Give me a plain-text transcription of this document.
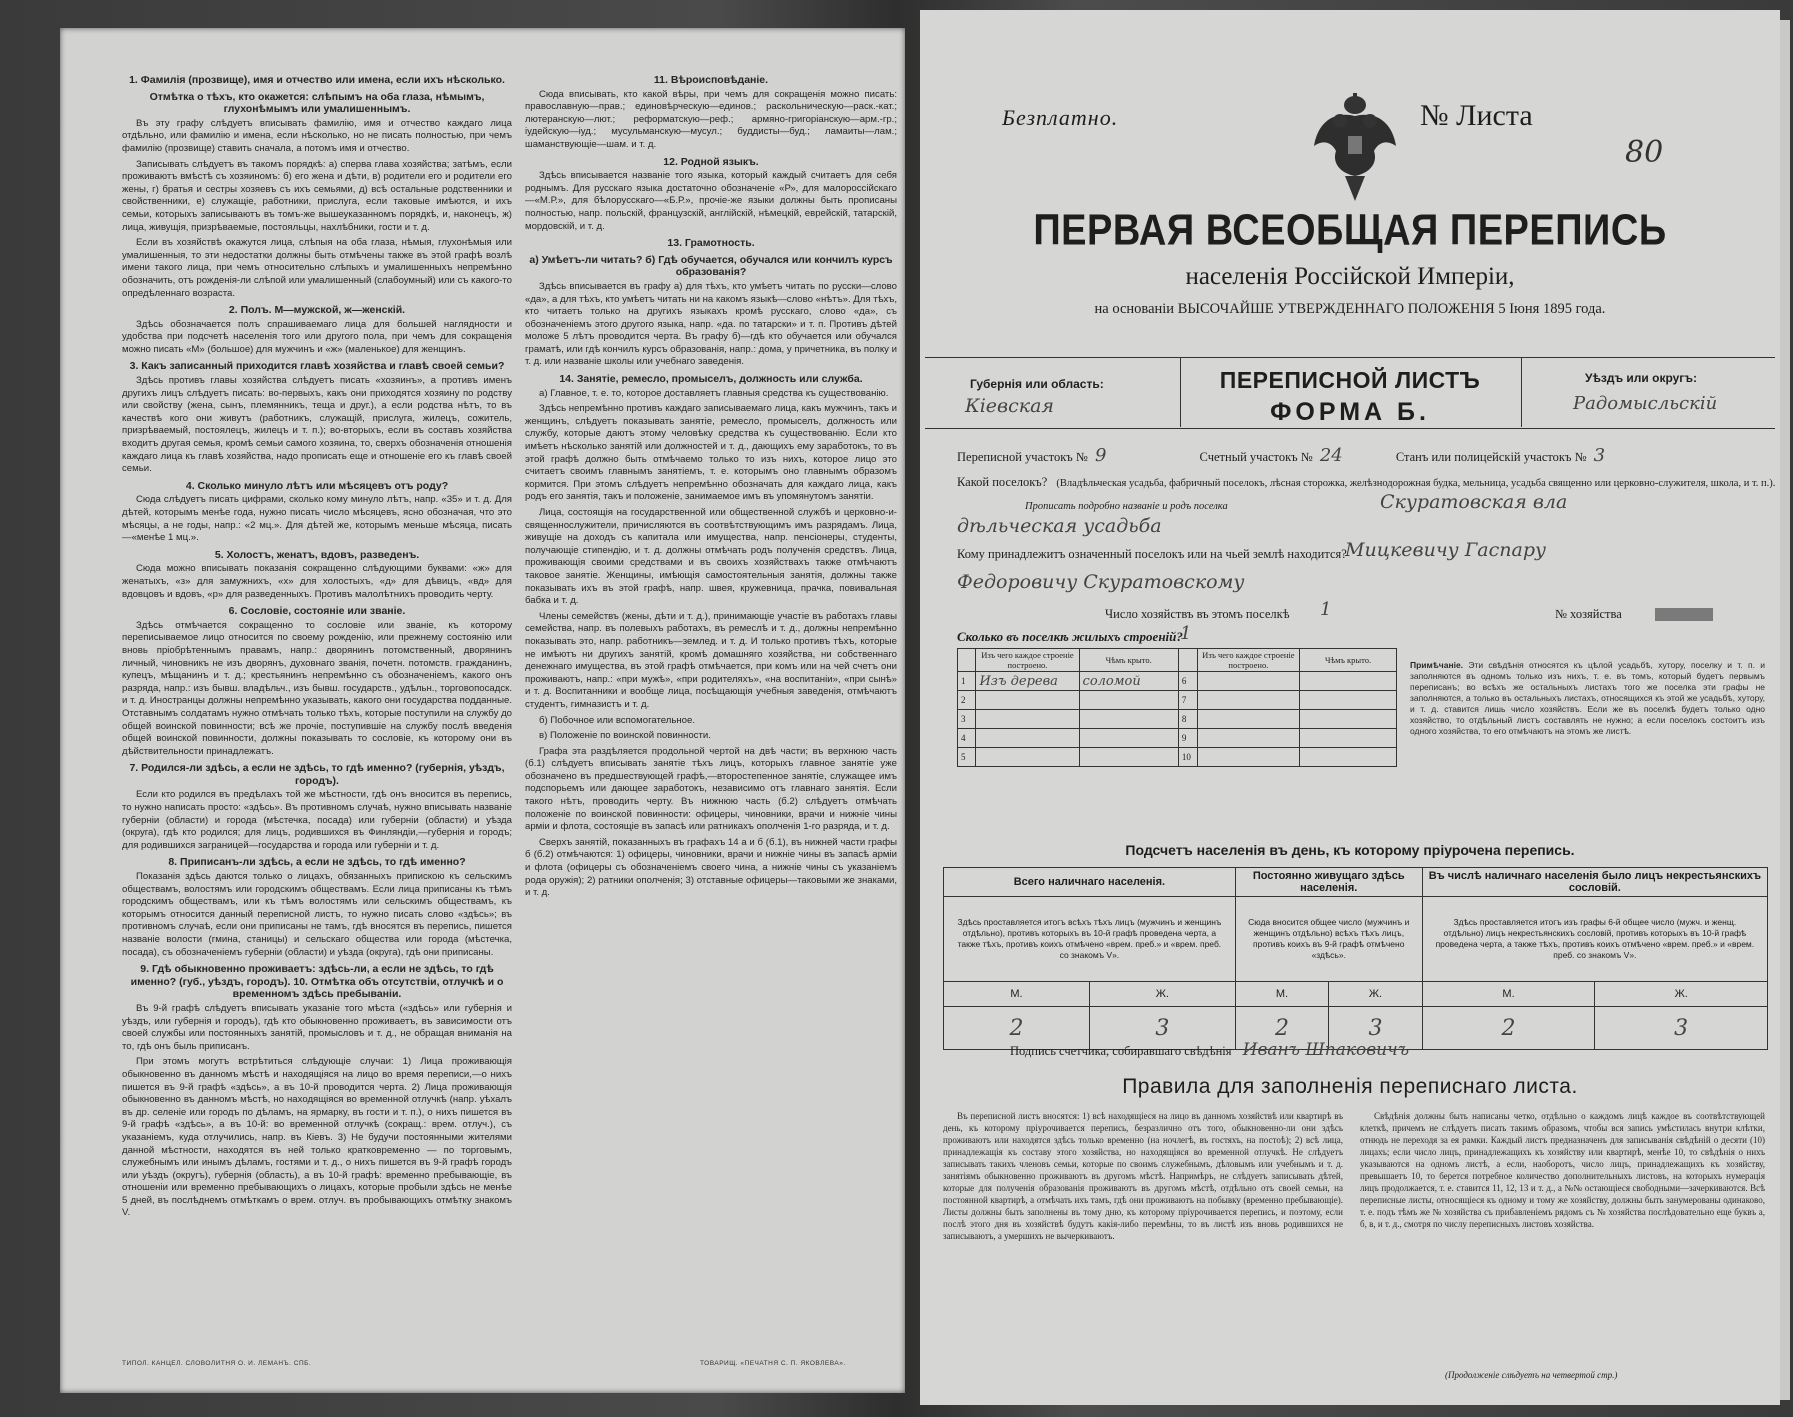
1. Фамилія (прозвище), имя и отчество или имена, если ихъ нѣсколько.
Отмѣтка о тѣхъ, кто окажется: слѣпымъ на оба глаза, нѣмымъ, глухонѣмымъ или умалишеннымъ.

Въ эту графу слѣдуетъ вписывать фамилію, имя и отчество каждаго лица отдѣльно, или фамилію и имена, если нѣсколько, но не писать полностью, при чемъ фамилію (прозвище) ставить сначала, а потомъ имя и отчество.

Записывать слѣдуетъ въ такомъ порядкѣ: а) сперва глава хозяйства; затѣмъ, если проживаютъ вмѣстѣ съ хозяиномъ: б) его жена и дѣти, в) родители его и родители его жены, г) братья и сестры хозяевъ съ ихъ семьями, д) всѣ остальные родственники и свойственники, е) служащіе, работники, прислуга, если таковые имѣются, и ихъ семьи, которыхъ записываютъ въ томъ-же вышеуказанномъ порядкѣ, и, наконецъ, ж) лица, живущія, призрѣваемые, постояльцы, нахлѣбники, гости и т. д.

Если въ хозяйствѣ окажутся лица, слѣпыя на оба глаза, нѣмыя, глухонѣмыя или умалишенныя, то эти недостатки должны быть отмѣчены также въ этой графѣ возлѣ имени такого лица, при чемъ относительно слѣпыхъ и умалишенныхъ непремѣнно обозначить, отъ рожденія-ли слѣпой или умалишенный (слабоумный) или съ какого-то опредѣленнаго возраста.

2. Полъ. М—мужской, ж—женскій.

Здѣсь обозначается полъ спрашиваемаго лица для большей наглядности и удобства при подсчетѣ населенія того или другого пола, при чемъ для сокращенія можно писать «М» (большое) для мужчинъ и «ж» (маленькое) для женщинъ.

3. Какъ записанный приходится главѣ хозяйства и главѣ своей семьи?

Здѣсь противъ главы хозяйства слѣдуетъ писать «хозяинъ», а противъ именъ другихъ лицъ слѣдуетъ писать: во-первыхъ, какъ они приходятся хозяину по родству или свойству (жена, сынъ, племянникъ, теща и друг.), а если родства нѣтъ, то въ качествѣ кого они живутъ (работникъ, служащій, прислуга, жилецъ, сожитель, призрѣваемый, постоялецъ, жилецъ и т. п.); во-вторыхъ, если въ составъ хозяйства входитъ другая семья, кромѣ семьи самого хозяина, то, сверхъ обозначенія отношенія каждаго лица къ главѣ хозяйства, надо прописать еще и отношеніе его къ главѣ своей семьи.

4. Сколько минуло лѣтъ или мѣсяцевъ отъ роду?

Сюда слѣдуетъ писать цифрами, сколько кому минуло лѣтъ, напр. «35» и т. д. Для дѣтей, которымъ менѣе года, нужно писать число мѣсяцевъ, ясно обозначая, что это мѣсяцы, а не годы, напр.: «2 мц.». Для дѣтей же, которымъ меньше мѣсяца, писать—«менѣе 1 мц.».

5. Холостъ, женатъ, вдовъ, разведенъ.

Сюда можно вписывать показанія сокращенно слѣдующими буквами: «ж» для женатыхъ, «з» для замужнихъ, «х» для холостыхъ, «д» для дѣвицъ, «вд» для вдовцовъ и вдовъ, «р» для разведенныхъ. Противъ малолѣтнихъ проводить черту.

6. Сословіе, состояніе или званіе.

Здѣсь отмѣчается сокращенно то сословіе или званіе, къ которому переписываемое лицо относится по своему рожденію, или прежнему состоянію или вновь пріобрѣтеннымъ правамъ, напр.: дворянинъ потомственный, дворянинъ личный, чиновникъ не изъ дворянъ, духовнаго званія, почетн. потомств. гражданинъ, купецъ, мѣщанинъ и т. д.; крестьянинъ непремѣнно съ обозначеніемъ, какого онъ разряда, напр.: изъ бывш. владѣльч., изъ бывш. государств., удѣльн., торговопосадск. и т. д. Иностранцы должны непремѣнно указывать, какого они государства подданные. Отставнымъ солдатамъ нужно отмѣчать только тѣхъ, которые поступили на службу до общей воинской повинности; всѣ же прочіе, поступившіе на службу послѣ введенія общей воинской повинности, должны показывать то сословіе, къ которому они въ дѣйствительности принадлежатъ.

7. Родился-ли здѣсь, а если не здѣсь, то гдѣ именно? (губернія, уѣздъ, городъ).

Если кто родился въ предѣлахъ той же мѣстности, гдѣ онъ вносится въ перепись, то нужно написать просто: «здѣсь». Въ противномъ случаѣ, нужно вписывать названіе губерніи (области) и города (мѣстечка, посада) или губерніи (области) и уѣзда (округа), гдѣ кто родился; для лицъ, родившихся въ Финляндіи,—губернія и городъ; для родившихся заграницей—государства и города или губерніи и т. д.

8. Приписанъ-ли здѣсь, а если не здѣсь, то гдѣ именно?

Показанія здѣсь даются только о лицахъ, обязанныхъ припискою къ сельскимъ обществамъ, волостямъ или городскимъ обществамъ. Если лица приписаны къ тѣмъ городскимъ обществамъ, или къ тѣмъ волостямъ или сельскимъ обществамъ, къ которымъ относится данный переписной листъ, то нужно писать слово «здѣсь»; въ противномъ случаѣ, если они приписаны не тамъ, гдѣ вносятся въ перепись, пишется названіе волости (гмина, станицы) и сельскаго общества или города (мѣстечка, посада), съ обозначеніемъ губерніи (области) и уѣзда (округа), гдѣ они приписаны.

9. Гдѣ обыкновенно проживаетъ: здѣсь-ли, а если не здѣсь, то гдѣ именно? (губ., уѣздъ, городъ). 10. Отмѣтка объ отсутствіи, отлучкѣ и о временномъ здѣсь пребываніи.

Въ 9-й графѣ слѣдуетъ вписывать указаніе того мѣста («здѣсь» или губернія и уѣздъ, или губернія и городъ), гдѣ кто обыкновенно проживаетъ, въ зависимости отъ своей службы или постоянныхъ занятій, промысловъ и т. д., не обращая вниманія на то, гдѣ онъ быль приписанъ.

При этомъ могутъ встрѣтиться слѣдующіе случаи: 1) Лица проживающія обыкновенно въ данномъ мѣстѣ и находящіяся на лицо во время переписи,—о нихъ пишется въ 9-й графѣ «здѣсь», а въ 10-й проводится черта. 2) Лица проживающія обыкновенно въ данномъ мѣстѣ, но находящіяся во временной отлучкѣ (напр. уѣхалъ въ др. селеніе или городъ по дѣламъ, на ярмарку, въ гости и т. п.), о нихъ пишется въ 9-й графѣ «здѣсь», а въ 10-й: во временной отлучкѣ (сокращ.: врем. отлуч.), съ указаніемъ, куда отлучились, напр. въ Кіевъ. 3) Не будучи постоянными жителями данной мѣстности, находятся въ ней только кратковременно — по торговымъ, служебнымъ или инымъ дѣламъ, гостями и т. д., о нихъ пишется въ 9-й графѣ городъ или уѣздъ (округъ), губернія (область), а въ 10-й графѣ: временно пребывающіе, въ отношеніи или временно пребывающихъ о лицахъ, которые пробыли здѣсь не менѣе 5 дней, въ послѣднемъ отмѣткамъ о врем. отлуч. въ пробывающихъ отмѣтку знакомъ V.

11. Вѣроисповѣданіе.

Сюда вписывать, кто какой вѣры, при чемъ для сокращенія можно писать: православную—прав.; единовѣрческую—единов.; раскольническую—раск.-кат.; лютеранскую—лют.; реформатскую—реф.; армяно-григоріанскую—арм.-гр.; іудейскую—іуд.; мусульманскую—мусул.; буддисты—буд.; ламаиты—лам.; шаманствующіе—шам. и т. д.

12. Родной языкъ.

Здѣсь вписывается названіе того языка, который каждый считаетъ для себя роднымъ. Для русскаго языка достаточно обозначеніе «Р», для малороссійскаго—«М.Р.», для бѣлорусскаго—«Б.Р.», прочіе-же языки должны быть прописаны полностью, напр. польскій, французскій, англійскій, нѣмецкій, еврейскій, татарскій, мордовскій, и т. д.

13. Грамотность.
а) Умѣетъ-ли читать? б) Гдѣ обучается, обучался или кончилъ курсъ образованія?

Здѣсь вписывается въ графу а) для тѣхъ, кто умѣетъ читать по русски—слово «да», а для тѣхъ, кто умѣетъ читать ни на какомъ языкѣ—слово «нѣтъ». Для тѣхъ, кто читаетъ только на другихъ языкахъ кромѣ русскаго, слово «да», съ обозначеніемъ этого другого языка, напр. «да. по татарски» и т. п. Противъ дѣтей моложе 5 лѣтъ проводится черта. Въ графу б)—гдѣ кто обучается или обучался граматѣ, или гдѣ кончилъ курсъ образованія, напр.: дома, у причетника, въ полку и т. д. или названіе школы или учебнаго заведенія.

14. Занятіе, ремесло, промыселъ, должность или служба.

а) Главное, т. е. то, которое доставляетъ главныя средства къ существованію.

Здѣсь непремѣнно противъ каждаго записываемаго лица, какъ мужчинъ, такъ и женщинъ, слѣдуетъ показывать занятіе, ремесло, промыселъ, должность или службу, которые даютъ этому человѣку средства къ существованію. Если кто имѣетъ нѣсколько занятій или должностей и т. д., дающихъ ему заработокъ, то въ этой графѣ должно быть отмѣчаемо только то изъ нихъ, которое лицо это считаетъ своимъ главнымъ занятіемъ, т. е. которымъ оно главнымъ образомъ кормится. При этомъ слѣдуетъ непремѣнно обозначать для каждаго лица, какъ родъ его занятія, такъ и положеніе, занимаемое имъ въ упомянутомъ занятіи.

Лица, состоящія на государственной или общественной службѣ и церковно-и-священнослужители, причисляются въ соотвѣтствующимъ имъ разрядамъ. Лица, живущіе на доходъ съ капитала или имущества, напр. пенсіонеры, студенты, получающіе стипендію, и т. д. должны отмѣчать родъ полученія средствъ. Лица, проживающія своими средствами и въ своихъ хозяйствахъ также отмѣчаютъ таковое занятіе. Женщины, имѣющія самостоятельныя занятія, должны также показывать ихъ въ этой графѣ, напр. швея, кружевница, прачка, повивальная бабка и т. д.

Члены семействъ (жены, дѣти и т. д.), принимающіе участіе въ работахъ главы семейства, напр. въ полевыхъ работахъ, въ ремеслѣ и т. д., должны непремѣнно показывать это, напр. работникъ—землед. и т. д. И только противъ тѣхъ, которые не имѣютъ ни другихъ занятій, кромѣ домашняго хозяйства, ни собственнаго денежнаго имущества, въ этой графѣ отмѣчается, при комъ или на чей счетъ они проживаютъ, напр.: «при мужѣ», «при родителяхъ», «на воспитаніи», «при сынѣ» и т. д. Воспитанники и вообще лица, посѣщающія учебныя заведенія, отмѣчаютъ студентъ, гимназистъ и т. д.

б) Побочное или вспомогательное.

в) Положеніе по воинской повинности.

Графа эта раздѣляется продольной чертой на двѣ части; въ верхнюю часть (б.1) слѣдуетъ вписывать занятіе тѣхъ лицъ, которыхъ главное занятіе уже обозначено въ предшествующей графѣ,—второстепенное занятіе, служащее имъ подспорьемъ или дающее заработокъ, независимо отъ главнаго занятія. Если такого нѣтъ, проводить черту. Въ нижнюю часть (б.2) слѣдуетъ отмѣчать положеніе по воинской повинности: офицеры, чиновники, врачи и нижніе чины армiи и флота, состоящіе въ запасѣ или ратникахъ ополченія 1-го разряда, и т. д.

Сверхъ занятій, показанныхъ въ графахъ 14 а и б (б.1), въ нижней части графы б (б.2) отмѣчаются: 1) офицеры, чиновники, врачи и нижніе чины въ запасѣ арміи и флота (офицеры съ обозначеніемъ своего чина, а нижніе чины съ указаніемъ рода оружія); 2) ратники ополченія; 3) отставные офицеры—таковыми же знаками, и т. д.

ТИПОЛ. КАНЦЕЛ. СЛОВОЛИТНЯ О. И. ЛЕМАНЪ. СПБ.	ТОВАРИЩ. «ПЕЧАТНЯ С. П. ЯКОВЛЕВА».
Безплатно.	№ Листа
80
ПЕРВАЯ ВСЕОБЩАЯ ПЕРЕПИСЬ
населенія Россійской Имперіи,
на основаніи ВЫСОЧАЙШЕ УТВЕРЖДЕННАГО ПОЛОЖЕНІЯ 5 Іюня 1895 года.
ПЕРЕПИСНОЙ ЛИСТЪ
ФОРМА Б.
Губернія или область:
Кіевская
Уѣздъ или округъ:
Радомысльскій
Переписной участокъ № 9	Счетный участокъ № 24	Станъ или полицейскій участокъ № 3
Какой поселокъ? (Владѣльческая усадьба, фабричный поселокъ, лѣсная сторожка, желѣзнодорожная будка, мельница, усадьба священно или церковно-служителя, школа, и т. п.).
Прописать подробно названіе и родъ поселка	Скуратовская вла
дѣльческая усадьба
Кому принадлежитъ означенный поселокъ или на чьей землѣ находится?
Мицкевичу Гаспару
Федоровичу Скуратовскому
Число хозяйствъ въ этомъ поселкѣ 1	№ хозяйства
Сколько въ поселкѣ жилыхъ строеній?
1
	Изъ чего каждое строеніе построено.	Чѣмъ крыто.		Изъ чего каждое строеніе построено.	Чѣмъ крыто.
1	Изъ дерева	соломой	6		
2			7		
3			8		
4			9		
5			10		
Примѣчаніе. Эти свѣдѣнія относятся къ цѣлой усадьбѣ, хутору, поселку и т. п. и заполняются въ одномъ только изъ нихъ, т. е. въ томъ, который будетъ первымъ переписанъ; во всѣхъ же остальныхъ листахъ того же поселка эти графы не заполняются, а только въ остальныхъ листахъ, относящихся къ этой же усадьбѣ, хутору, и т. д. ставится лишь число хозяйствъ. Если же въ поселкѣ будетъ только одно хозяйство, то отдѣльный листъ составлять не нужно; а если поселокъ состоитъ изъ одного хозяйства, то его отмѣчаютъ на этомъ же листѣ.
Подсчетъ населенія въ день, къ которому пріурочена перепись.
Всего наличнаго населенія.		Постоянно живущаго здѣсь населенія.		Въ числѣ наличнаго населенія было лицъ некрестьянскихъ сословій.	
Здѣсь проставляется итогъ всѣхъ тѣхъ лицъ (мужчинъ и женщинъ отдѣльно), противъ которыхъ въ 10-й графѣ проведена черта, а также тѣхъ, противъ коихъ отмѣчено «врем. преб.» и «врем. преб. со знакомъ V».		Сюда вносится общее число (мужчинъ и женщинъ отдѣльно) всѣхъ тѣхъ лицъ, противъ коихъ въ 9-й графѣ отмѣчено «здѣсь».		Здѣсь проставляется итогъ изъ графы 6-й общее число (мужч. и женщ. отдѣльно) лицъ некрестьянскихъ сословій, противъ которыхъ въ 10-й графѣ проведена черта, а также тѣхъ, противъ коихъ отмѣчено «врем. преб.» и «врем. преб. со знакомъ V».	
М.	Ж.	М.	Ж.	М.	Ж.
2	3	2	3	2	3
Подпись счетчика, собиравшаго свѣдѣнія Иванъ Шпаковичъ
Правила для заполненія переписнаго листа.

Въ переписной листъ вносятся: 1) всѣ находящіеся на лицо въ данномъ хозяйствѣ или квартирѣ въ день, къ которому пріурочивается перепись, безразлично отъ того, обыкновенно-ли они здѣсь проживаютъ или находятся здѣсь только временно (на ночлегѣ, въ гостяхъ, на постоѣ); 2) всѣ лица, принадлежащія къ составу этого хозяйства, но находящіяся во временной отлучкѣ. Не слѣдуетъ записывать такихъ членовъ семьи, которые по своимъ служебнымъ, дѣловымъ или учебнымъ и т. д. занятіямъ обыкновенно проживаютъ въ другомъ мѣстѣ. Напримѣръ, не слѣдуетъ записывать дѣтей, которые для полученія образованія проживаютъ въ другомъ мѣстѣ, отдѣльно отъ своей семьи, на постоянной квартирѣ, а отмѣчать ихъ тамъ, гдѣ они проживаютъ на побывку (временно пребывающіе). Листы должны быть заполнены въ тому дню, къ которому пріурочивается перепись, и поэтому, если послѣ этого дня въ хозяйствѣ будутъ какія-либо перемѣны, то въ листѣ изъ вновь родившихся не записываютъ, а умершихъ не вычеркиваютъ.

Свѣдѣнія должны быть написаны четко, отдѣльно о каждомъ лицѣ каждое въ соотвѣтствующей клеткѣ, причемъ не слѣдуетъ писать такимъ образомъ, чтобы вся запись умѣстилась внутри клѣтки, отнюдь не переходя за ея рамки. Каждый листъ предназначенъ для записыванія свѣдѣній о десяти (10) лицахъ; если число лицъ, принадлежащихъ къ хозяйству или квартирѣ, менѣе 10, то свѣдѣнія о нихъ указываются на одномъ листѣ, а если, наоборотъ, число лицъ, принадлежащихъ къ хозяйству, превышаетъ 10, то берется потребное количество дополнительныхъ листовъ, на которыхъ нумерація лицъ продолжается, т. е. ставится 11, 12, 13 и т. д., а №№ остающіеся свободными—зачеркиваются. Всѣ переписные листы, относящіеся къ одному и тому же хозяйству, должны быть занумерованы одинаково, т. е. подъ тѣмъ же № хозяйства съ прибавленіемъ рядомъ съ № хозяйства послѣдовательно еще буквъ а, б, в, и т. д., смотря по числу переписныхъ листовъ хозяйства.

(Продолженіе слѣдуетъ на четвертой стр.)
